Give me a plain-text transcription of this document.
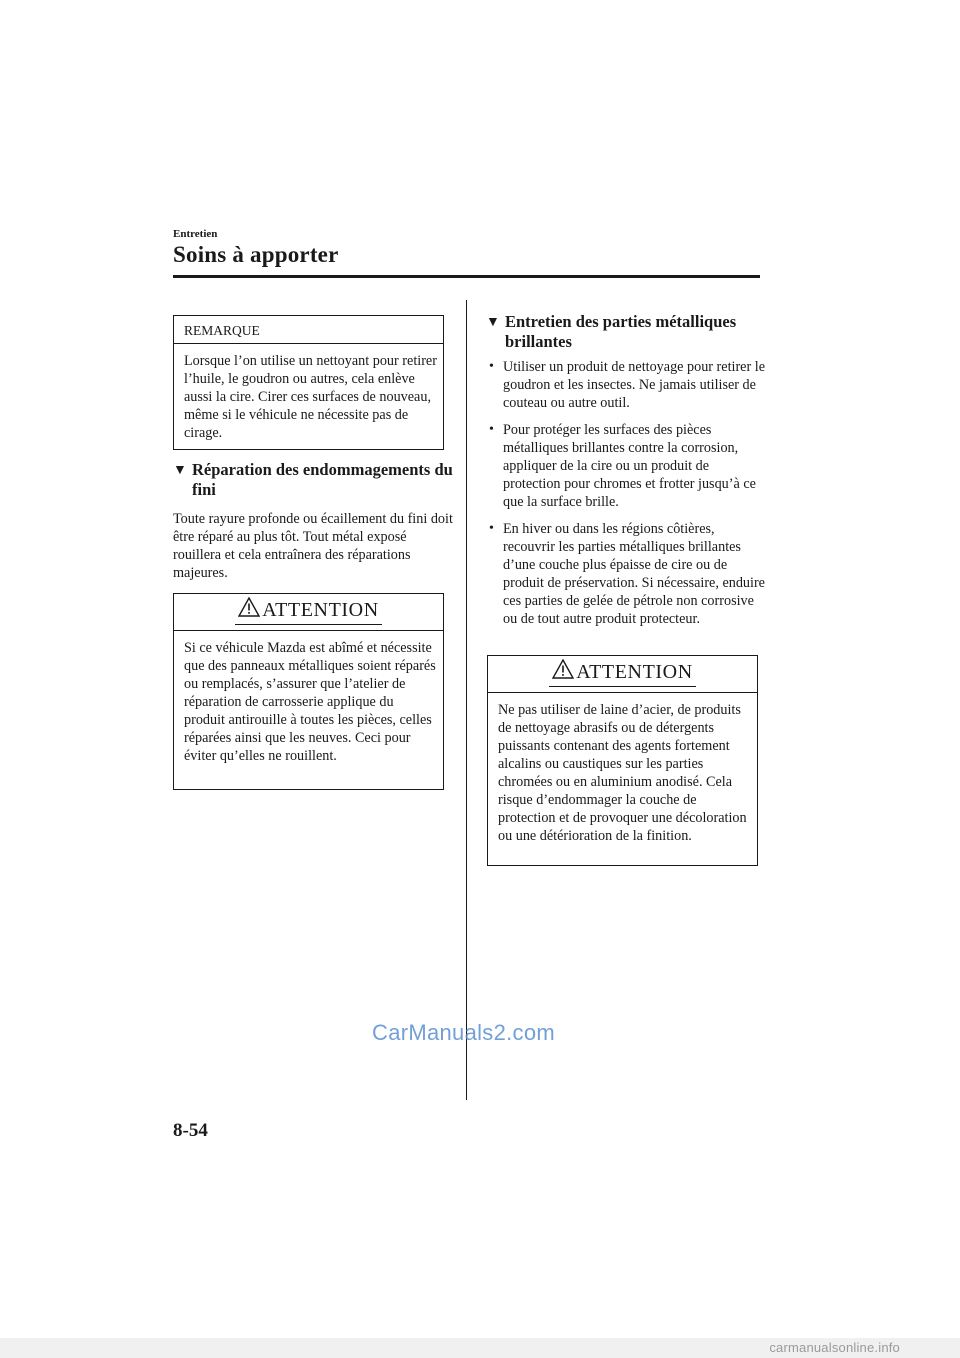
Entretien
Soins à apporter
REMARQUE
Lorsque l’on utilise un nettoyant pour retirer l’huile, le goudron ou autres, cela enlève aussi la cire. Cirer ces surfaces de nouveau, même si le véhicule ne nécessite pas de cirage.
▼ Réparation des endommagements du fini
Toute rayure profonde ou écaillement du fini doit être réparé au plus tôt. Tout métal exposé rouillera et cela entraînera des réparations majeures.
ATTENTION
Si ce véhicule Mazda est abîmé et nécessite que des panneaux métalliques soient réparés ou remplacés, s’assurer que l’atelier de réparation de carrosserie applique du produit antirouille à toutes les pièces, celles réparées ainsi que les neuves. Ceci pour éviter qu’elles ne rouillent.
▼ Entretien des parties métalliques brillantes
• Utiliser un produit de nettoyage pour retirer le goudron et les insectes. Ne jamais utiliser de couteau ou autre outil.
• Pour protéger les surfaces des pièces métalliques brillantes contre la corrosion, appliquer de la cire ou un produit de protection pour chromes et frotter jusqu’à ce que la surface brille.
• En hiver ou dans les régions côtières, recouvrir les parties métalliques brillantes d’une couche plus épaisse de cire ou de produit de préservation. Si nécessaire, enduire ces parties de gelée de pétrole non corrosive ou de tout autre produit protecteur.
ATTENTION
Ne pas utiliser de laine d’acier, de produits de nettoyage abrasifs ou de détergents puissants contenant des agents fortement alcalins ou caustiques sur les parties chromées ou en aluminium anodisé. Cela risque d’endommager la couche de protection et de provoquer une décoloration ou une détérioration de la finition.
CarManuals2.com
8-54
carmanualsonline.info
